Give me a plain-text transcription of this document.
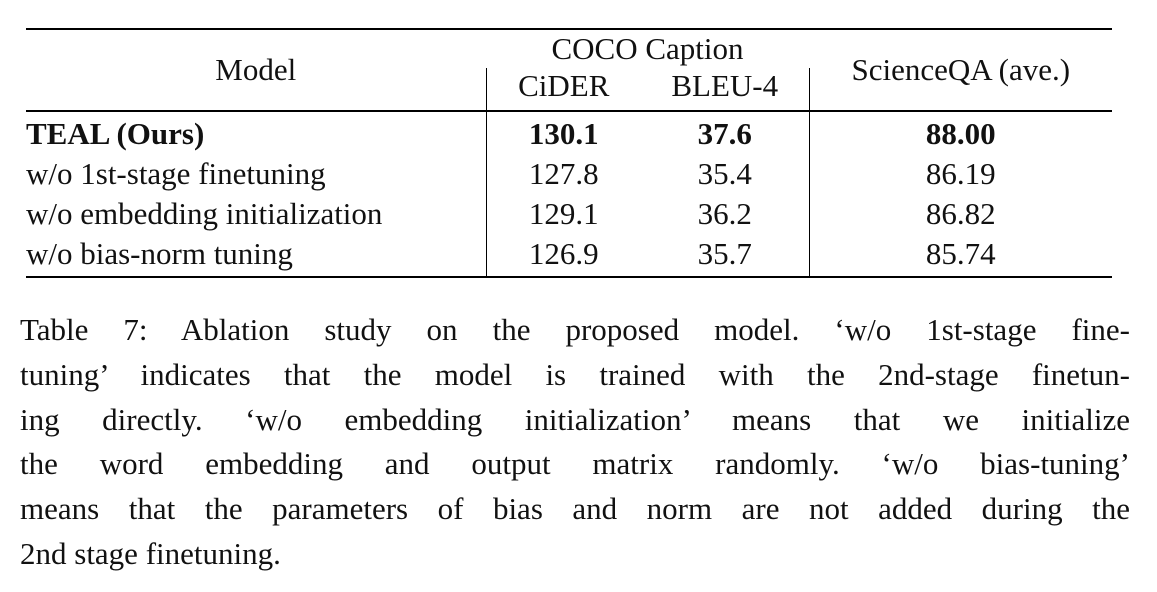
Model	COCO Caption		ScienceQA (ave.)
	CiDER	BLEU-4	
TEAL (Ours)	130.1	37.6	88.00
w/o 1st-stage finetuning	127.8	35.4	86.19
w/o embedding initialization	129.1	36.2	86.82
w/o bias-norm tuning	126.9	35.7	85.74

Table 7: Ablation study on the proposed model. ‘w/o 1st-stage fine-
tuning’ indicates that the model is trained with the 2nd-stage finetun-
ing directly. ‘w/o embedding initialization’ means that we initialize
the word embedding and output matrix randomly. ‘w/o bias-tuning’
means that the parameters of bias and norm are not added during the
2nd stage finetuning.
